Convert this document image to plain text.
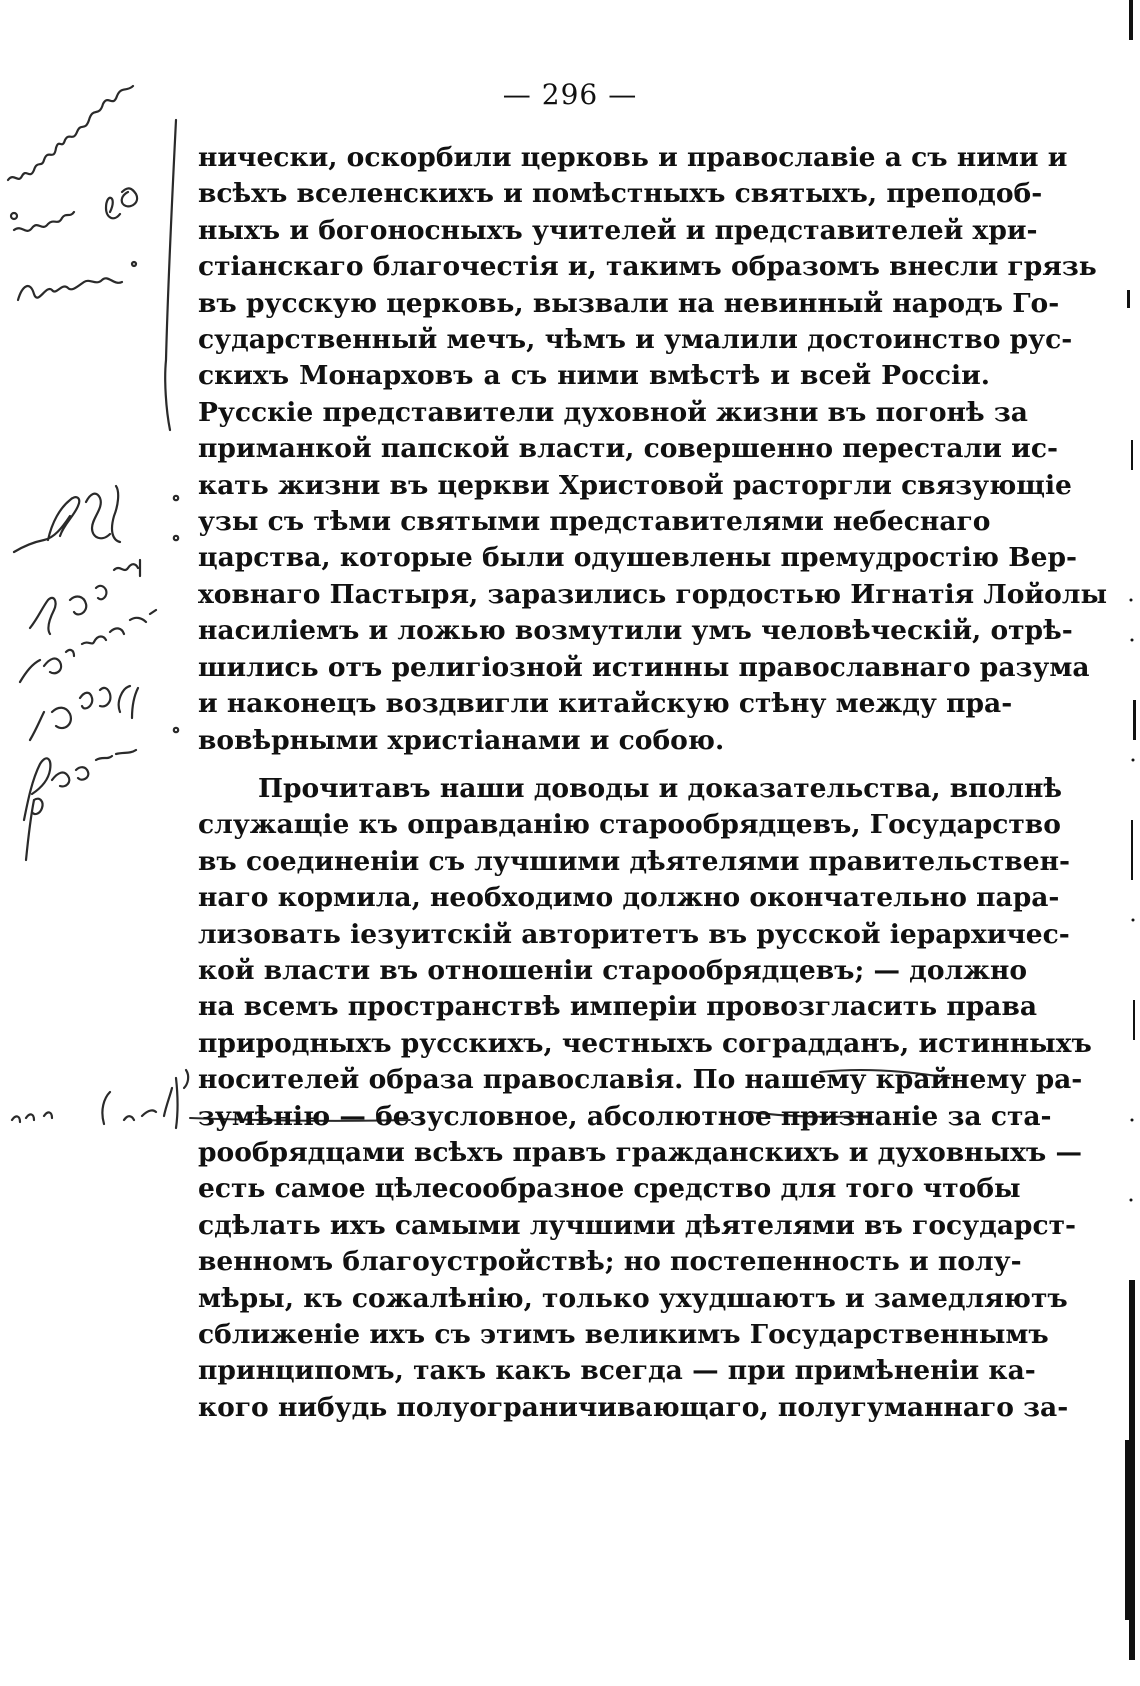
— 296 —

нически, оскорбили церковь и православіе а съ ними и
всѣхъ вселенскихъ и помѣстныхъ святыхъ, преподоб-
ныхъ и богоносныхъ учителей и представителей хри-
стіанскаго благочестія и, такимъ образомъ внесли грязь
въ русскую церковь, вызвали на невинный народъ Го-
сударственный мечъ, чѣмъ и умалили достоинство рус-
скихъ Монарховъ а съ ними вмѣстѣ и всей Россіи.
Русскіе представители духовной жизни въ погонѣ за
приманкой папской власти, совершенно перестали ис-
кать жизни въ церкви Христовой расторгли связующіе
узы съ тѣми святыми представителями небеснаго
царства, которые были одушевлены премудростію Вер-
ховнаго Пастыря, заразились гордостью Игнатія Лойолы
насиліемъ и ложью возмутили умъ человѣческій, отрѣ-
шились отъ религіозной истинны православнаго разума
и наконецъ воздвигли китайскую стѣну между пра-
вовѣрными христіанами и собою.

Прочитавъ наши доводы и доказательства, вполнѣ
служащіе къ оправданію старообрядцевъ, Государство
въ соединеніи съ лучшими дѣятелями правительствен-
наго кормила, необходимо должно окончательно пара-
лизовать іезуитскій авторитетъ въ русской іерархичес-
кой власти въ отношеніи старообрядцевъ; — должно
на всемъ пространствѣ имперіи провозгласить права
природныхъ русскихъ, честныхъ соградданъ, истинныхъ
носителей образа православія. По нашему крайнему ра-
зумѣнію — безусловное, абсолютное признаніе за ста-
рообрядцами всѣхъ правъ гражданскихъ и духовныхъ —
есть самое цѣлесообразное средство для того чтобы
сдѣлать ихъ самыми лучшими дѣятелями въ государст-
венномъ благоустройствѣ; но постепенность и полу-
мѣры, къ сожалѣнію, только ухудшаютъ и замедляютъ
сближеніе ихъ съ этимъ великимъ Государственнымъ
принципомъ, такъ какъ всегда — при примѣненіи ка-
кого нибудь полуограничивающаго, полугуманнаго за-
